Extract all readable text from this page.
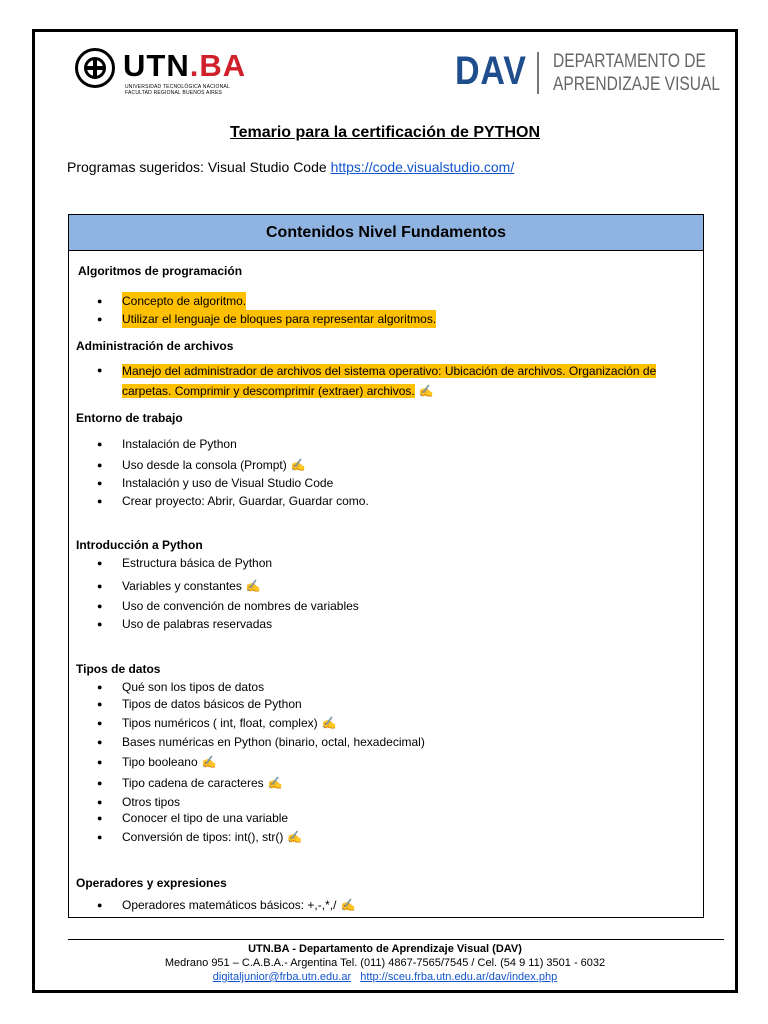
UTN.BA
UNIVERSIDAD TECNOLÓGICA NACIONAL
FACULTAD REGIONAL BUENOS AIRES	DAV DEPARTAMENTO DE
APRENDIZAJE VISUAL
Temario para la certificación de PYTHON
Programas sugeridos: Visual Studio Code https://code.visualstudio.com/
Contenidos Nivel Fundamentos
Algoritmos de programación
● Concepto de algoritmo.
● Utilizar el lenguaje de bloques para representar algoritmos.
Administración de archivos
● Manejo del administrador de archivos del sistema operativo: Ubicación de archivos. Organización de carpetas. Comprimir y descomprimir (extraer) archivos. ✍
Entorno de trabajo
● Instalación de Python
● Uso desde la consola (Prompt) ✍
● Instalación y uso de Visual Studio Code
● Crear proyecto: Abrir, Guardar, Guardar como.
Introducción a Python
● Estructura básica de Python
● Variables y constantes ✍
● Uso de convención de nombres de variables
● Uso de palabras reservadas
Tipos de datos
● Qué son los tipos de datos
● Tipos de datos básicos de Python
● Tipos numéricos ( int, float, complex) ✍
● Bases numéricas en Python (binario, octal, hexadecimal)
● Tipo booleano ✍
● Tipo cadena de caracteres ✍
● Otros tipos
● Conocer el tipo de una variable
● Conversión de tipos: int(), str() ✍
Operadores y expresiones
● Operadores matemáticos básicos: +,-,*,/ ✍
UTN.BA - Departamento de Aprendizaje Visual (DAV)
Medrano 951 – C.A.B.A.- Argentina Tel. (011) 4867-7565/7545 / Cel. (54 9 11) 3501 - 6032
digitaljunior@frba.utn.edu.ar http://sceu.frba.utn.edu.ar/dav/index.php
